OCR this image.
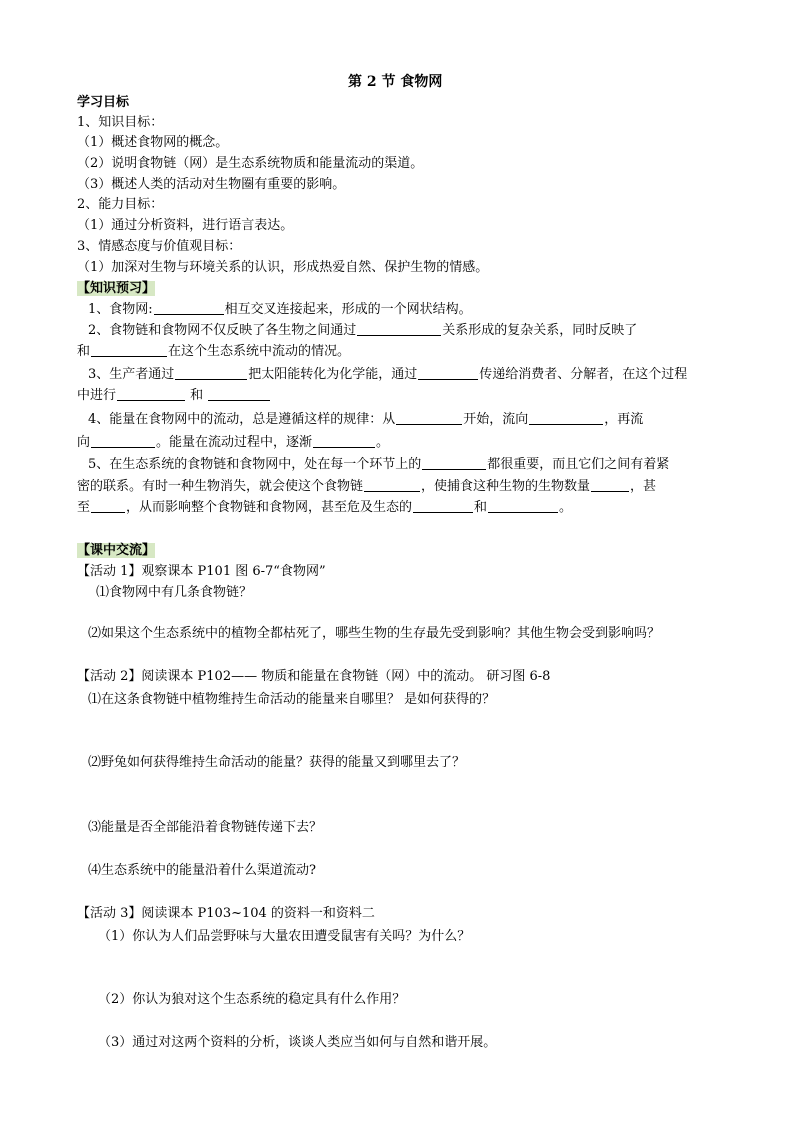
第 2 节 食物网
学习目标
1、知识目标：
（1）概述食物网的概念。
（2）说明食物链（网）是生态系统物质和能量流动的渠道。
（3）概述人类的活动对生物圈有重要的影响。
2、能力目标：
（1）通过分析资料，进行语言表达。
3、情感态度与价值观目标：
（1）加深对生物与环境关系的认识，形成热爱自然、保护生物的情感。
【知识预习】
1、食物网:	相互交叉连接起来，形成的一个网状结构。
2、食物链和食物网不仅反映了各生物之间通过	关系形成的复杂关系，同时反映了
和	在这个生态系统中流动的情况。
3、生产者通过	把太阳能转化为化学能，通过	传递给消费者、分解者，在这个过程
中进行	和
4、能量在食物网中的流动，总是遵循这样的规律：从	开始，流向	，再流
向	。能量在流动过程中，逐渐	。
5、在生态系统的食物链和食物网中，处在每一个环节上的	都很重要，而且它们之间有着紧
密的联系。有时一种生物消失，就会使这个食物链	，使捕食这种生物的生物数量	，甚
至	，从而影响整个食物链和食物网，甚至危及生态的	和	。
【课中交流】
【活动 1】观察课本 P101 图 6-7“食物网”
⑴食物网中有几条食物链？
⑵如果这个生态系统中的植物全都枯死了，哪些生物的生存最先受到影响？其他生物会受到影响吗？
【活动 2】阅读课本 P102—— 物质和能量在食物链（网）中的流动。 研习图 6-8
⑴在这条食物链中植物维持生命活动的能量来自哪里？ 是如何获得的？
⑵野兔如何获得维持生命活动的能量？获得的能量又到哪里去了？
⑶能量是否全部能沿着食物链传递下去？
⑷生态系统中的能量沿着什么渠道流动?
【活动 3】阅读课本 P103~104 的资料一和资料二
（1）你认为人们品尝野味与大量农田遭受鼠害有关吗？为什么？
（2）你认为狼对这个生态系统的稳定具有什么作用？
（3）通过对这两个资料的分析，谈谈人类应当如何与自然和谐开展。
